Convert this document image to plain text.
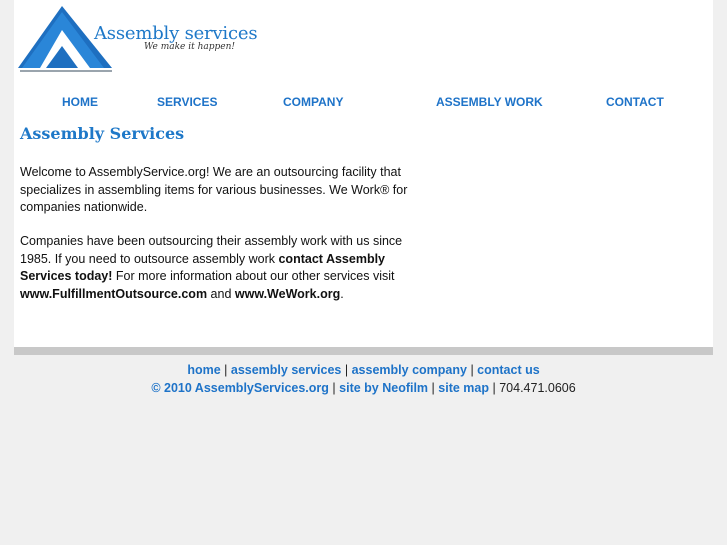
Assembly services
We make it happen!
HOME	SERVICES	COMPANY	ASSEMBLY WORK	CONTACT
Assembly Services

Welcome to AssemblyService.org! We are an outsourcing facility that specializes in assembling items for various businesses. We Work® for companies nationwide.

Companies have been outsourcing their assembly work with us since 1985. If you need to outsource assembly work contact Assembly Services today! For more information about our other services visit www.FulfillmentOutsource.com and www.WeWork.org.

home | assembly services | assembly company | contact us
© 2010 AssemblyServices.org | site by Neofilm | site map | 704.471.0606
